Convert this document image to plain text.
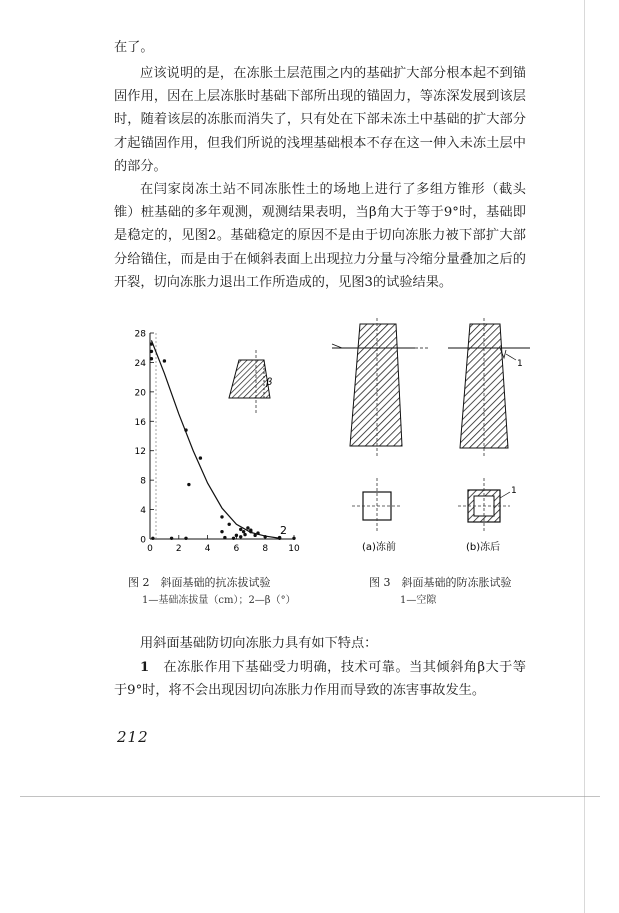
在了。

应该说明的是，在冻胀土层范围之内的基础扩大部分根本起不到锚固作用，因在上层冻胀时基础下部所出现的锚固力，等冻深发展到该层时，随着该层的冻胀而消失了，只有处在下部未冻土中基础的扩大部分才起锚固作用，但我们所说的浅埋基础根本不存在这一伸入未冻土层中的部分。

在闫家岗冻土站不同冻胀性土的场地上进行了多组方锥形（截头锥）桩基础的多年观测，观测结果表明，当β角大于等于9°时，基础即是稳定的，见图2。基础稳定的原因不是由于切向冻胀力被下部扩大部分给锚住，而是由于在倾斜表面上出现拉力分量与冷缩分量叠加之后的开裂，切向冻胀力退出工作所造成的，见图3的试验结果。

0
4
8
12
16
20
24
28
0	2	4	6	8 10
2
β
图 2　斜面基础的抗冻拔试验
1—基础冻拔量（cm）；2—β（°）
1
1
(a)冻前	(b)冻后
图 3　斜面基础的防冻胀试验
1—空隙

用斜面基础防切向冻胀力具有如下特点：

1　 在冻胀作用下基础受力明确，技术可靠。当其倾斜角β大于等于9°时，将不会出现因切向冻胀力作用而导致的冻害事故发生。

212
